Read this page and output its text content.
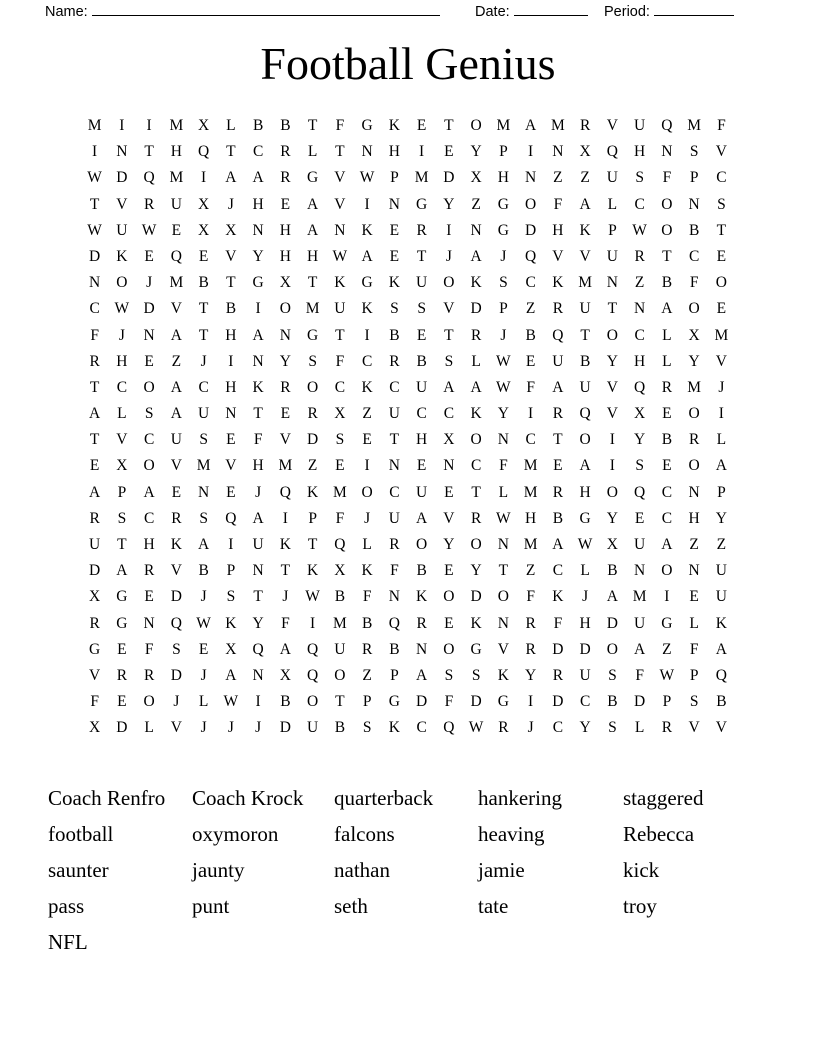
Name:	Date:	Period:
Football Genius
M	I	I	M X	L	B	B	T	F	G	K	E	T	O M A M R	V	U	Q M	F
I	N	T	H	Q	T	C	R	L	T	N	H	I	E	Y	P	I	N	X	Q	H	N	S	V
W D	Q M	I	A	A	R	G	V W	P	M D	X	H	N	Z	Z	U	S	F	P	C
T	V	R	U	X	J	H	E	A	V	I	N	G	Y	Z	G	O	F	A	L	C	O	N	S
W U W E	X	X	N	H	A	N	K	E	R	I	N	G	D	H	K	P	W O	B	T
D	K	E	Q	E	V	Y	H	H W A	E	T	J	A	J	Q	V	V	U	R	T	C	E
N	O	J	M B	T	G	X	T	K	G	K	U	O	K	S	C	K M N	Z	B	F	O
C W D	V	T	B	I	O M U	K	S	S	V	D	P	Z	R	U	T	N	A	O	E
F	J	N	A	T	H	A	N	G	T	I	B	E	T	R	J	B	Q	T	O	C	L	X M
R	H	E	Z	J	I	N	Y	S	F	C	R	B	S	L W E	U	B	Y	H	L	Y	V
T	C	O	A	C	H	K	R	O	C	K	C	U	A	A W	F	A	U	V	Q	R M	J
A	L	S	A	U	N	T	E	R	X	Z	U	C	C	K	Y	I	R	Q	V	X	E	O	I
T	V	C	U	S	E	F	V	D	S	E	T	H	X	O	N	C	T	O	I	Y	B	R	L
E	X	O	V M V	H M	Z	E	I	N	E	N	C	F	M	E	A	I	S	E	O	A
A	P	A	E	N	E	J	Q	K M O	C	U	E	T	L	M R	H	O	Q	C	N	P
R	S	C	R	S	Q	A	I	P	F	J	U	A	V	R W H	B	G	Y	E	C	H	Y
U	T	H	K	A	I	U	K	T	Q	L	R	O	Y	O	N M A W X	U	A	Z	Z
D	A	R	V	B	P	N	T	K	X	K	F	B	E	Y	T	Z	C	L	B	N	O	N	U
X	G	E	D	J	S	T	J	W B	F	N	K	O	D	O	F	K	J	A M	I	E	U
R	G	N	Q W K	Y	F	I	M B	Q	R	E	K	N	R	F	H	D	U	G	L	K
G	E	F	S	E	X	Q	A	Q	U	R	B	N	O	G	V	R	D	D	O	A	Z	F	A
V	R	R	D	J	A	N	X	Q	O	Z	P	A	S	S	K	Y	R	U	S	F	W	P	Q
F	E	O	J	L W	I	B	O	T	P	G	D	F	D	G	I	D	C	B	D	P	S	B
X	D	L	V	J	J	J	D	U	B	S	K	C	Q W R	J	C	Y	S	L	R	V	V
Coach Renfro	Coach Krock	quarterback	hankering	staggered
football	oxymoron	falcons	heaving	Rebecca
saunter	jaunty	nathan	jamie	kick
pass	punt	seth	tate	troy
NFL
